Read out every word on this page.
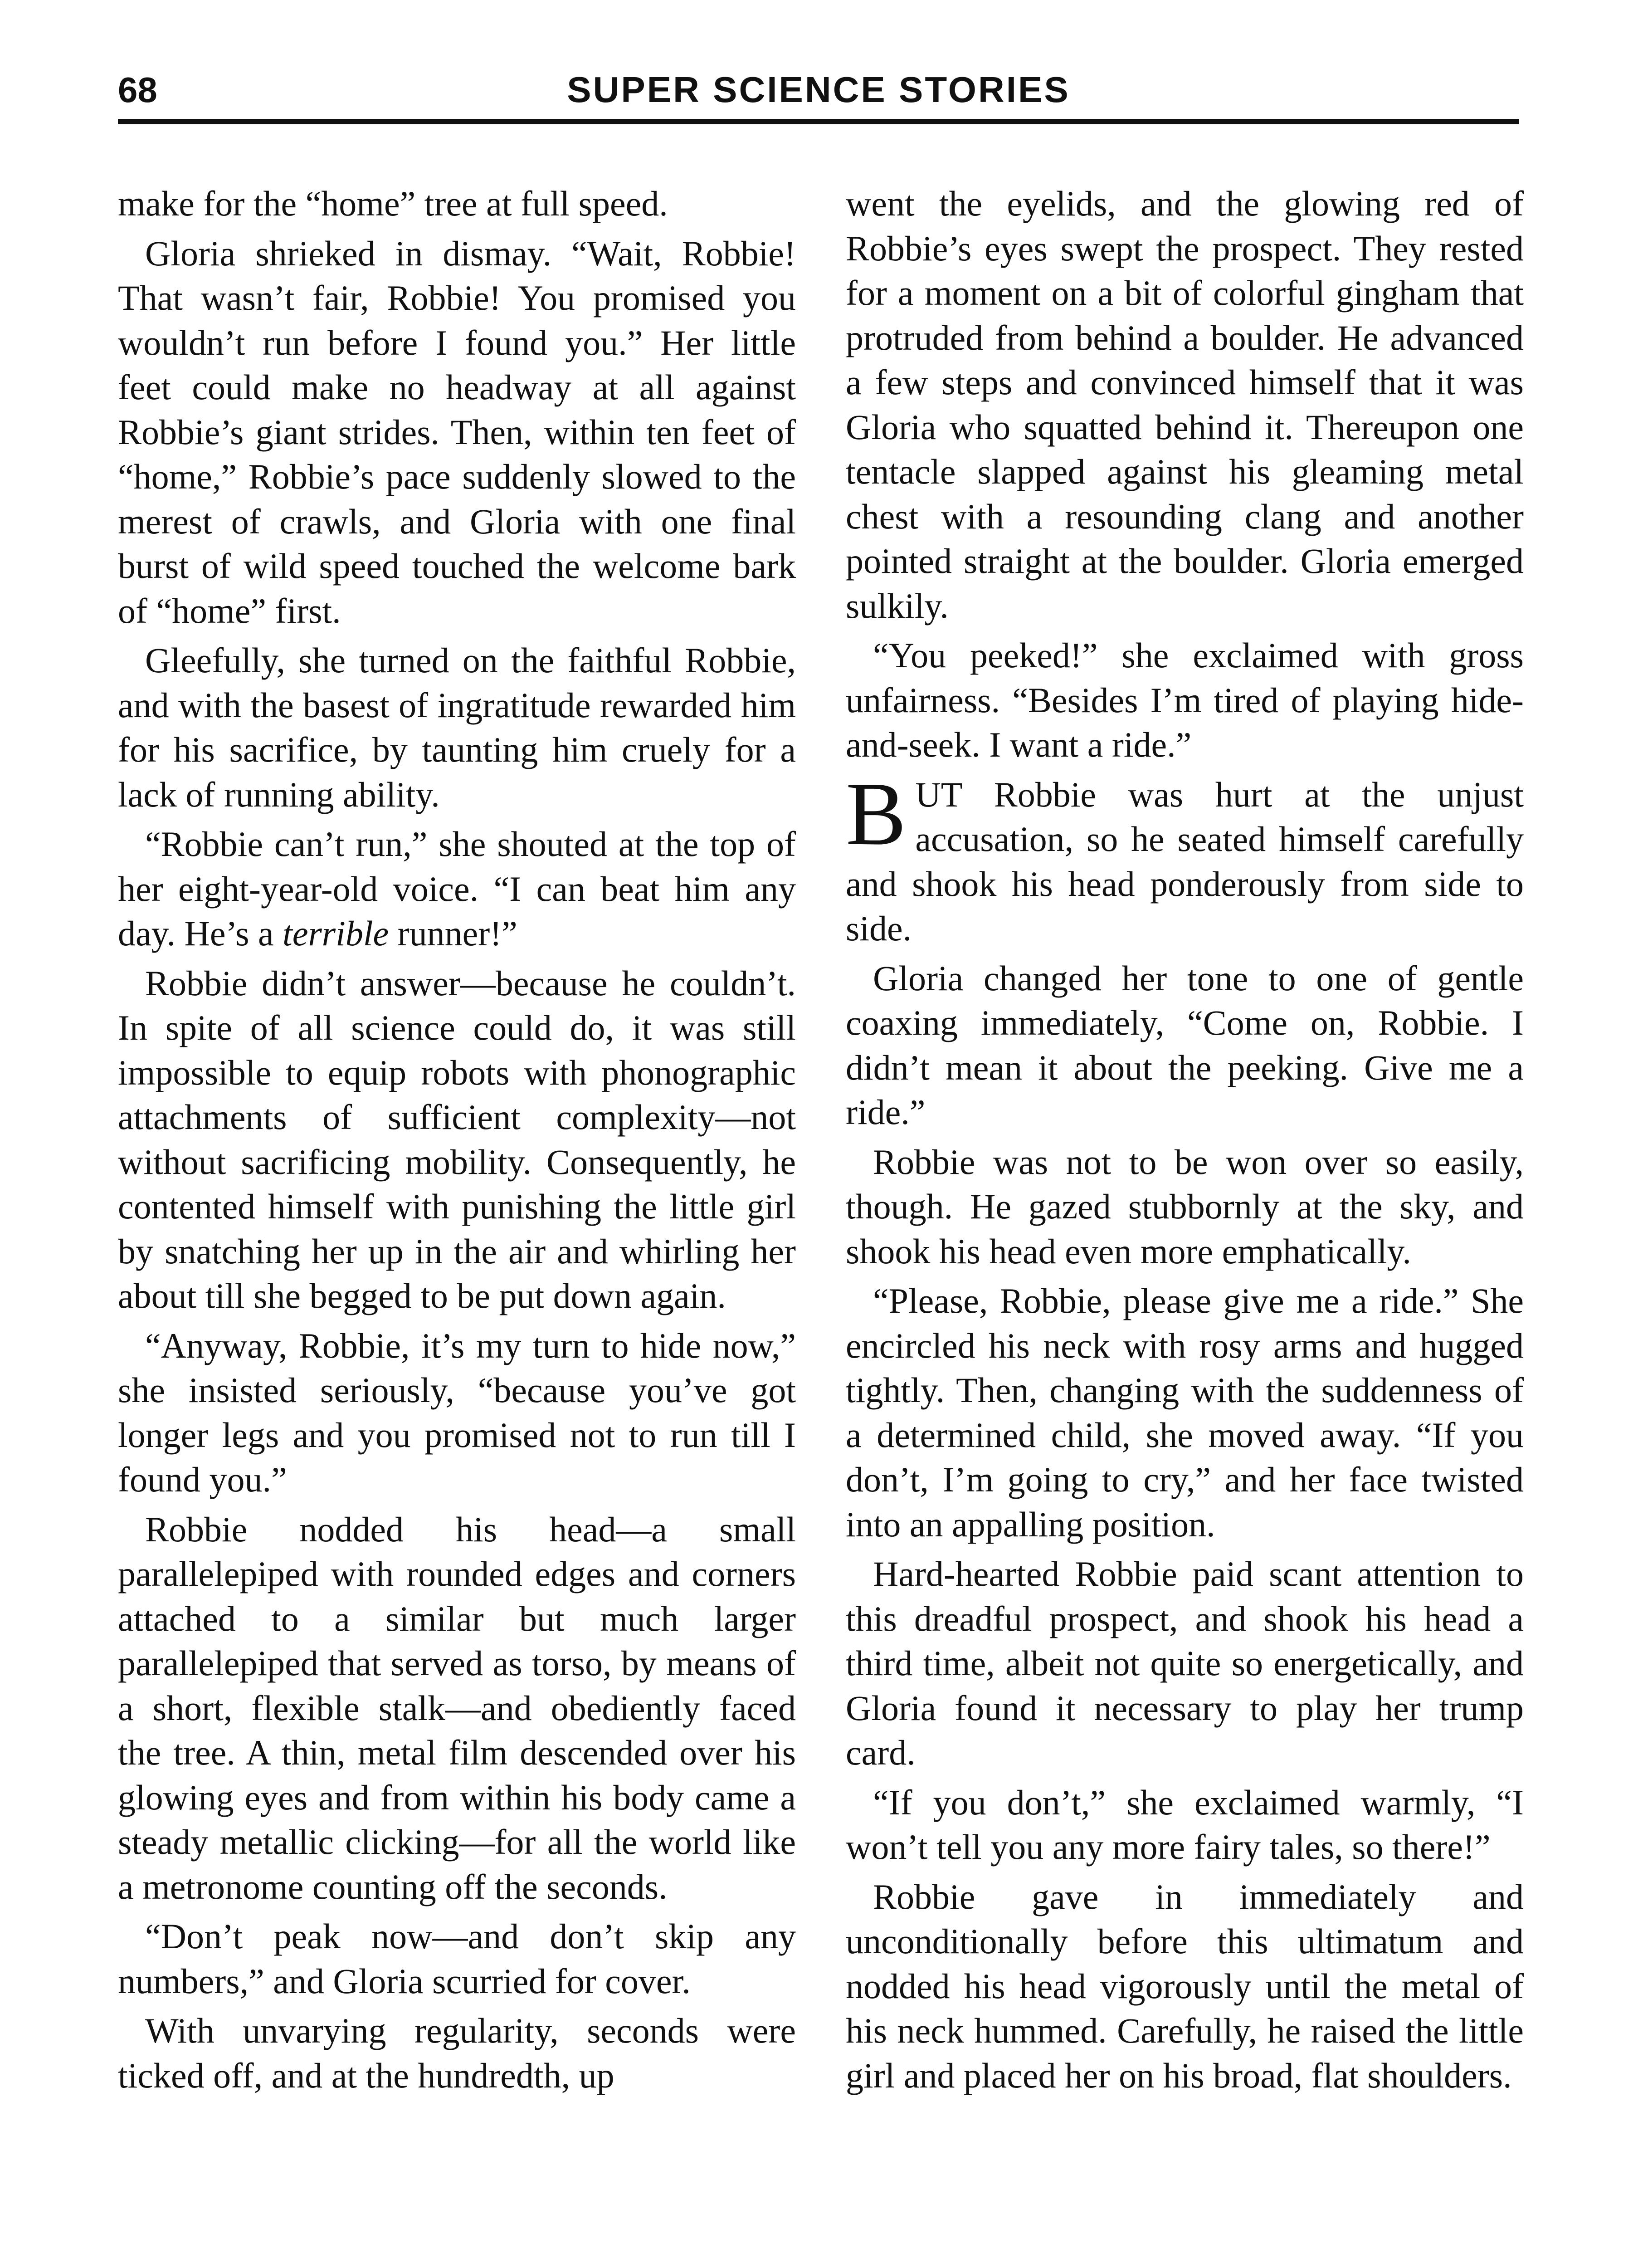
68	SUPER SCIENCE STORIES

make for the “home” tree at full speed.

Gloria shrieked in dismay. “Wait, Robbie! That wasn’t fair, Robbie! You promised you wouldn’t run before I found you.” Her little feet could make no headway at all against Robbie’s giant strides. Then, within ten feet of “home,” Robbie’s pace suddenly slowed to the merest of crawls, and Gloria with one final burst of wild speed touched the welcome bark of “home” first.

Gleefully, she turned on the faithful Robbie, and with the basest of ingratitude rewarded him for his sacrifice, by taunting him cruely for a lack of running ability.

“Robbie can’t run,” she shouted at the top of her eight-year-old voice. “I can beat him any day. He’s a terrible runner!”

Robbie didn’t answer—because he couldn’t. In spite of all science could do, it was still impossible to equip robots with phonographic attachments of sufficient complexity—not without sacrificing mobility. Consequently, he contented himself with punishing the little girl by snatching her up in the air and whirling her about till she begged to be put down again.

“Anyway, Robbie, it’s my turn to hide now,” she insisted seriously, “because you’ve got longer legs and you promised not to run till I found you.”

Robbie nodded his head—a small parallelepiped with rounded edges and corners attached to a similar but much larger parallelepiped that served as torso, by means of a short, flexible stalk—and obediently faced the tree. A thin, metal film descended over his glowing eyes and from within his body came a steady metallic clicking—for all the world like a metronome counting off the seconds.

“Don’t peak now—and don’t skip any numbers,” and Gloria scurried for cover.

With unvarying regularity, seconds were ticked off, and at the hundredth, up

went the eyelids, and the glowing red of Robbie’s eyes swept the prospect. They rested for a moment on a bit of colorful gingham that protruded from behind a boulder. He advanced a few steps and convinced himself that it was Gloria who squatted behind it. Thereupon one tentacle slapped against his gleaming metal chest with a resounding clang and another pointed straight at the boulder. Gloria emerged sulkily.

“You peeked!” she exclaimed with gross unfairness. “Besides I’m tired of playing hide-and-seek. I want a ride.”

BUT Robbie was hurt at the unjust accusation, so he seated himself carefully and shook his head ponderously from side to side.

Gloria changed her tone to one of gentle coaxing immediately, “Come on, Robbie. I didn’t mean it about the peeking. Give me a ride.”

Robbie was not to be won over so easily, though. He gazed stubbornly at the sky, and shook his head even more emphatically.

“Please, Robbie, please give me a ride.” She encircled his neck with rosy arms and hugged tightly. Then, changing with the suddenness of a determined child, she moved away. “If you don’t, I’m going to cry,” and her face twisted into an appalling position.

Hard-hearted Robbie paid scant attention to this dreadful prospect, and shook his head a third time, albeit not quite so energetically, and Gloria found it necessary to play her trump card.

“If you don’t,” she exclaimed warmly, “I won’t tell you any more fairy tales, so there!”

Robbie gave in immediately and unconditionally before this ultimatum and nodded his head vigorously until the metal of his neck hummed. Carefully, he raised the little girl and placed her on his broad, flat shoulders.
